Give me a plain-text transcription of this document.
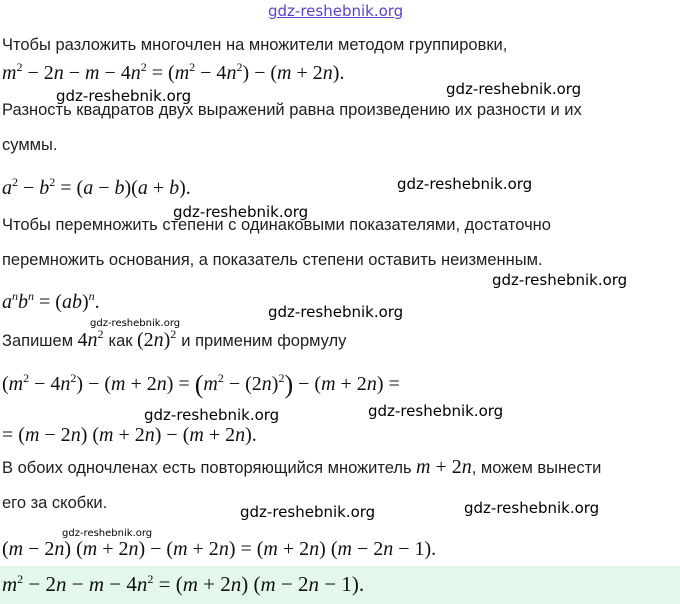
gdz-reshebnik.org
Чтобы разложить многочлен на множители методом группировки,
$m^2 - 2n - m - 4n^2 = (m^2 - 4n^2) - (m + 2n)$.
gdz-reshebnik.org
gdz-reshebnik.org
Разность квадратов двух выражений равна произведению их разности и их
суммы.
$a^2 - b^2 = (a - b)(a + b)$.	gdz-reshebnik.org
gdz-reshebnik.org
Чтобы перемножить степени с одинаковыми показателями, достаточно
перемножить основания, а показатель степени оставить неизменным.
gdz-reshebnik.org
$a^nb^n = (ab)^n$.	gdz-reshebnik.org
gdz-reshebnik.org
Запишем $4n^2$ как $(2n)^2$ и применим формулу
$(m^2 - 4n^2) - (m + 2n) = (m^2 - (2n)^2) - (m + 2n)$ =
gdz-reshebnik.org	gdz-reshebnik.org
= (m − 2n) (m + 2n) − (m + 2n).
В обоих одночленах есть повторяющийся множитель m + 2n, можем вынести
его за скобки.	gdz-reshebnik.org	gdz-reshebnik.org
gdz-reshebnik.org
(m − 2n) (m + 2n) − (m + 2n) = (m + 2n) (m − 2n − 1).
$m^2 - 2n - m - 4n^2 = (m + 2n) (m - 2n - 1)$.
